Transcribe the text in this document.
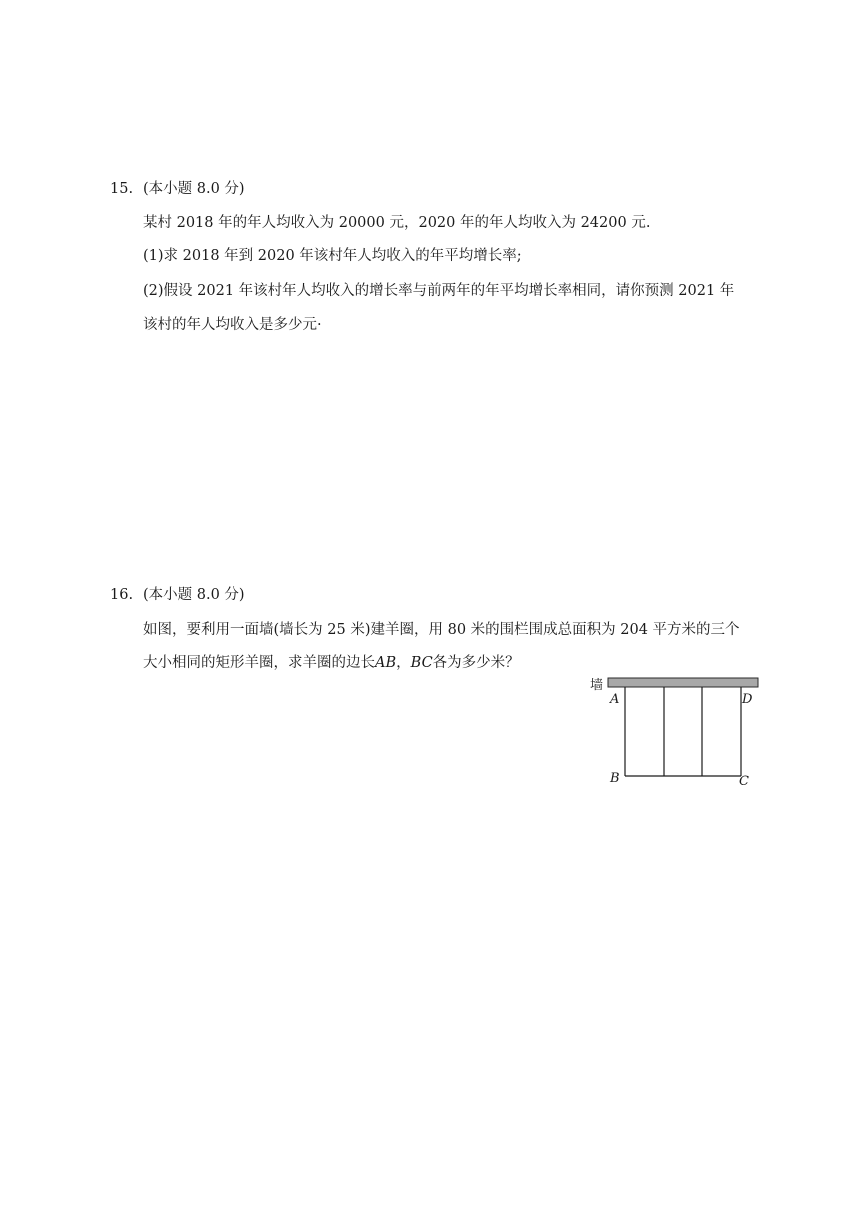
15. (本小题 8.0 分)
某村 2018 年的年人均收入为 20000 元，2020 年的年人均收入为 24200 元.
(1)求 2018 年到 2020 年该村年人均收入的年平均增长率;
(2)假设 2021 年该村年人均收入的增长率与前两年的年平均增长率相同，请你预测 2021 年
该村的年人均收入是多少元·
16. (本小题 8.0 分)
如图，要利用一面墙(墙长为 25 米)建羊圈，用 80 米的围栏围成总面积为 204 平方米的三个
大小相同的矩形羊圈，求羊圈的边长AB，BC各为多少米？
墙
A	D
B	C
